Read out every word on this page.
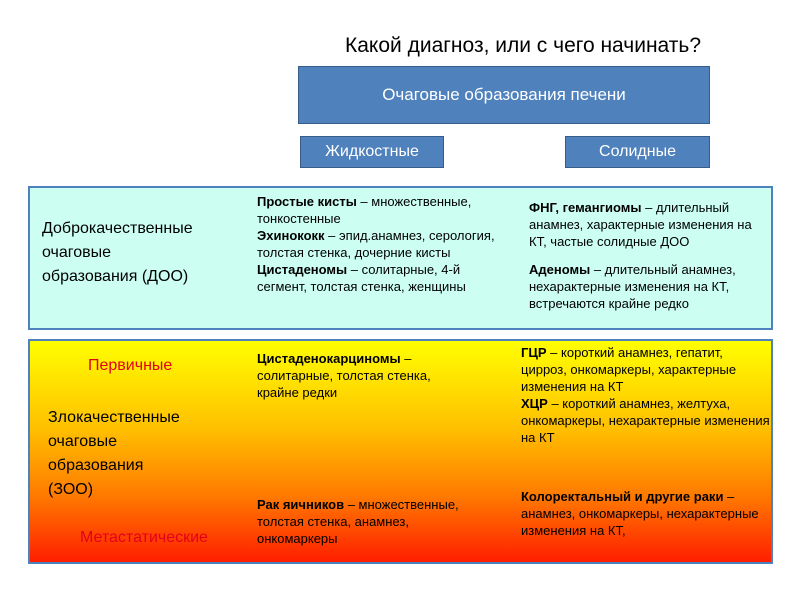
Какой диагноз, или с чего начинать?
Очаговые образования печени
Жидкостные	Солидные
Доброкачественные
очаговые
образования (ДОО)

Простые кисты – множественные, тонкостенные

Эхинококк – эпид.анамнез, серология, толстая стенка, дочерние кисты

Цистаденомы – солитарные, 4-й сегмент, толстая стенка, женщины

ФНГ, гемангиомы – длительный анамнез, характерные изменения на КТ, частые солидные ДОО

Аденомы – длительный анамнез, нехарактерные изменения на КТ, встречаются крайне редко

Первичные
Метастатические
Злокачественные
очаговые
образования
(ЗОО)

Цистаденокарциномы – солитарные, толстая стенка, крайне редки

ГЦР – короткий анамнез, гепатит, цирроз, онкомаркеры, характерные изменения на КТ

ХЦР – короткий анамнез, желтуха, онкомаркеры, нехарактерные изменения на КТ

Рак яичников – множественные, толстая стенка, анамнез, онкомаркеры

Колоректальный и другие раки – анамнез, онкомаркеры, нехарактерные изменения на КТ,
